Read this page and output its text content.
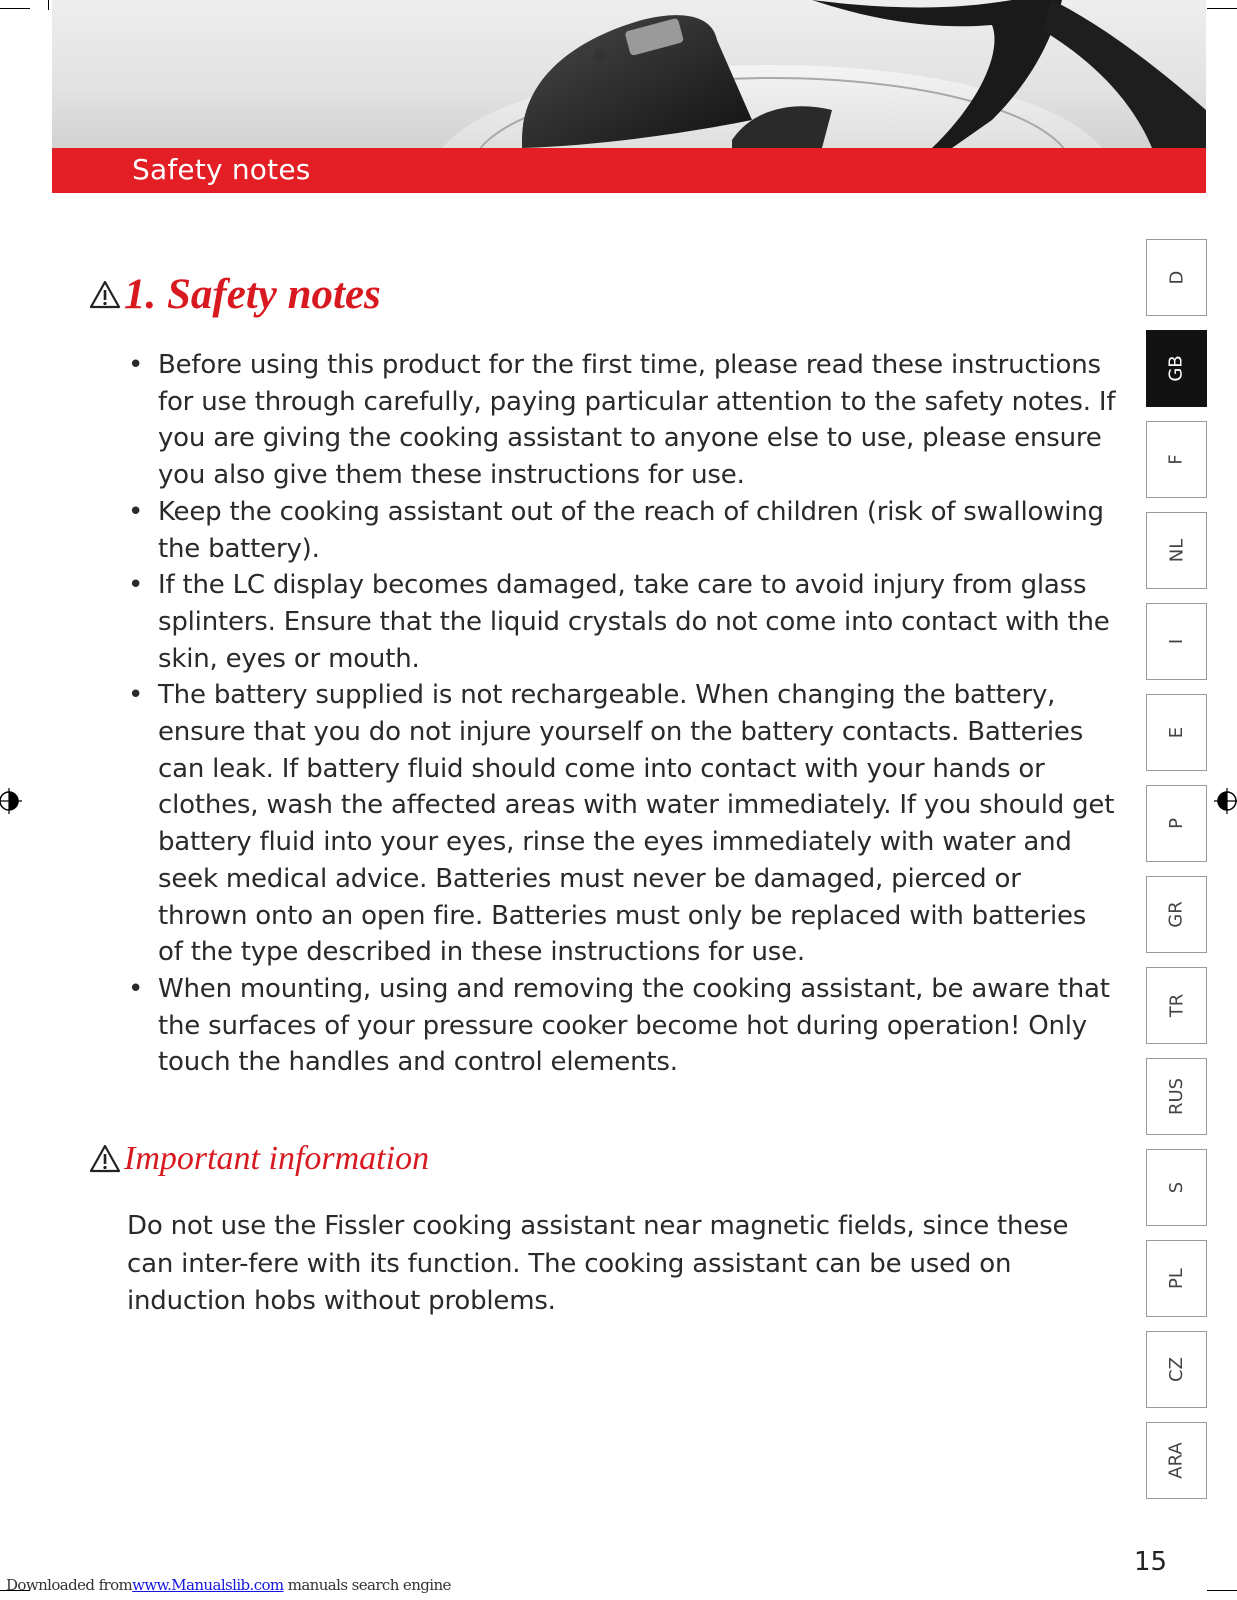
Safety notes
1. Safety notes
• Before using this product for the first time, please read these instructions for use through carefully, paying particular attention to the safety notes. If you are giving the cooking assistant to anyone else to use, please ensure you also give them these instructions for use.
• Keep the cooking assistant out of the reach of children (risk of swallowing the battery).
• If the LC display becomes damaged, take care to avoid injury from glass splinters. Ensure that the liquid crystals do not come into contact with the skin, eyes or mouth.
• The battery supplied is not rechargeable. When changing the battery, ensure that you do not injure yourself on the battery contacts. Batteries can leak. If battery fluid should come into contact with your hands or clothes, wash the affected areas with water immediately. If you should get battery fluid into your eyes, rinse the eyes immediately with water and seek medical advice. Batteries must never be damaged, pierced or thrown onto an open fire. Batteries must only be replaced with batteries of the type described in these instructions for use.
• When mounting, using and removing the cooking assistant, be aware that the surfaces of your pressure cooker become hot during operation! Only touch the handles and control elements.
Important information

Do not use the Fissler cooking assistant near magnetic fields, since these can inter-fere with its function. The cooking assistant can be used on induction hobs without problems.

D
GB
F
NL
I
E
P
GR
TR
RUS
S
PL
CZ
ARA
15
Downloaded fromwww.Manualslib.com manuals search engine
